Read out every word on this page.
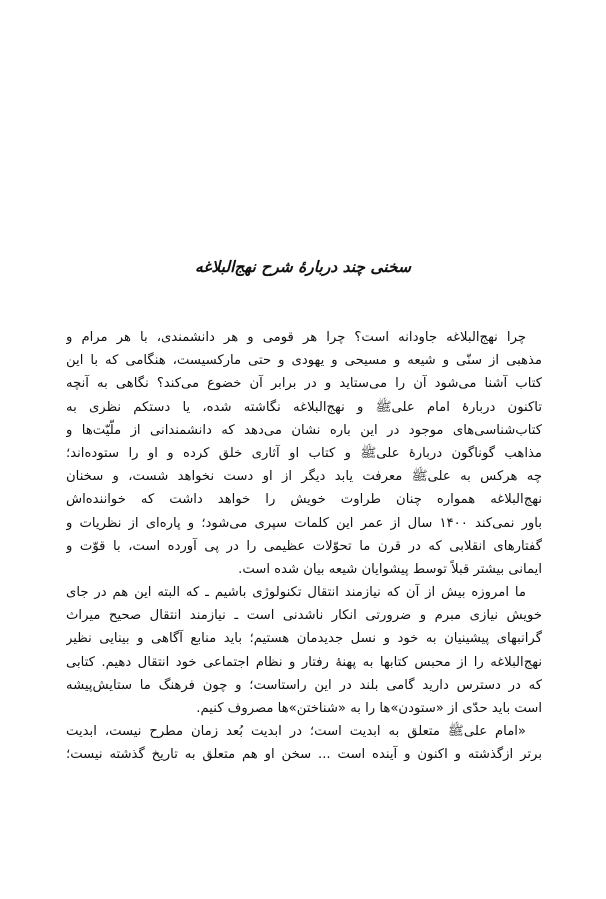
سخنی چند دربارهٔ شرح نهج‌البلاغه
چرا نهج‌البلاغه جاودانه است؟ چرا هر قومی و هر دانشمندی، با هر مرام و
مذهبی از سنّی و شیعه و مسیحی و یهودی و حتی مارکسیست، هنگامی که با این
کتاب آشنا می‌شود آن را می‌ستاید و در برابر آن خضوع می‌کند؟ نگاهی به آنچه
تاکنون دربارهٔ امام علی‌ﷺ و نهج‌البلاغه نگاشته شده، یا دستکم نظری به
کتاب‌شناسی‌های موجود در این باره نشان می‌دهد که دانشمندانی از ملّیّت‌ها و
مذاهب گوناگون دربارهٔ علی‌ﷺ و کتاب او آثاری خلق کرده و او را ستوده‌اند؛
چه هرکس به علی‌ﷺ معرفت یابد دیگر از او دست نخواهد شست، و سخنان
نهج‌البلاغه همواره چنان طراوت خویش را خواهد داشت که خواننده‌اش
باور نمی‌کند ۱۴۰۰ سال از عمر این کلمات سپری می‌شود؛ و پاره‌ای از نظریات و
گفتارهای انقلابی که در قرن ما تحوّلات عظیمی را در پی آورده است، با قوّت و
ایمانی بیشتر قبلاً توسط پیشوایان شیعه بیان شده است.
ما امروزه بیش از آن که نیازمند انتقال تکنولوژی باشیم ـ که البته این هم در جای
خویش نیازی مبرم و ضرورتی انکار ناشدنی است ـ نیازمند انتقال صحیح میراث
گرانبهای پیشینیان به خود و نسل جدیدمان هستیم؛ باید منابع آگاهی و بینایی نظیر
نهج‌البلاغه را از محبس کتابها به پهنهٔ رفتار و نظام اجتماعی خود انتقال دهیم. کتابی
که در دسترس دارید گامی بلند در این راستاست؛ و چون فرهنگ ما ستایش‌پیشه
است باید حدّی از «ستودن»ها را به «شناختن»ها مصروف کنیم.
«امام علی‌ﷺ متعلق به ابدیت است؛ در ابدیت بُعد زمان مطرح نیست، ابدیت
برتر ازگذشته و اکنون و آینده است ... سخن او هم متعلق به تاریخ گذشته نیست؛
